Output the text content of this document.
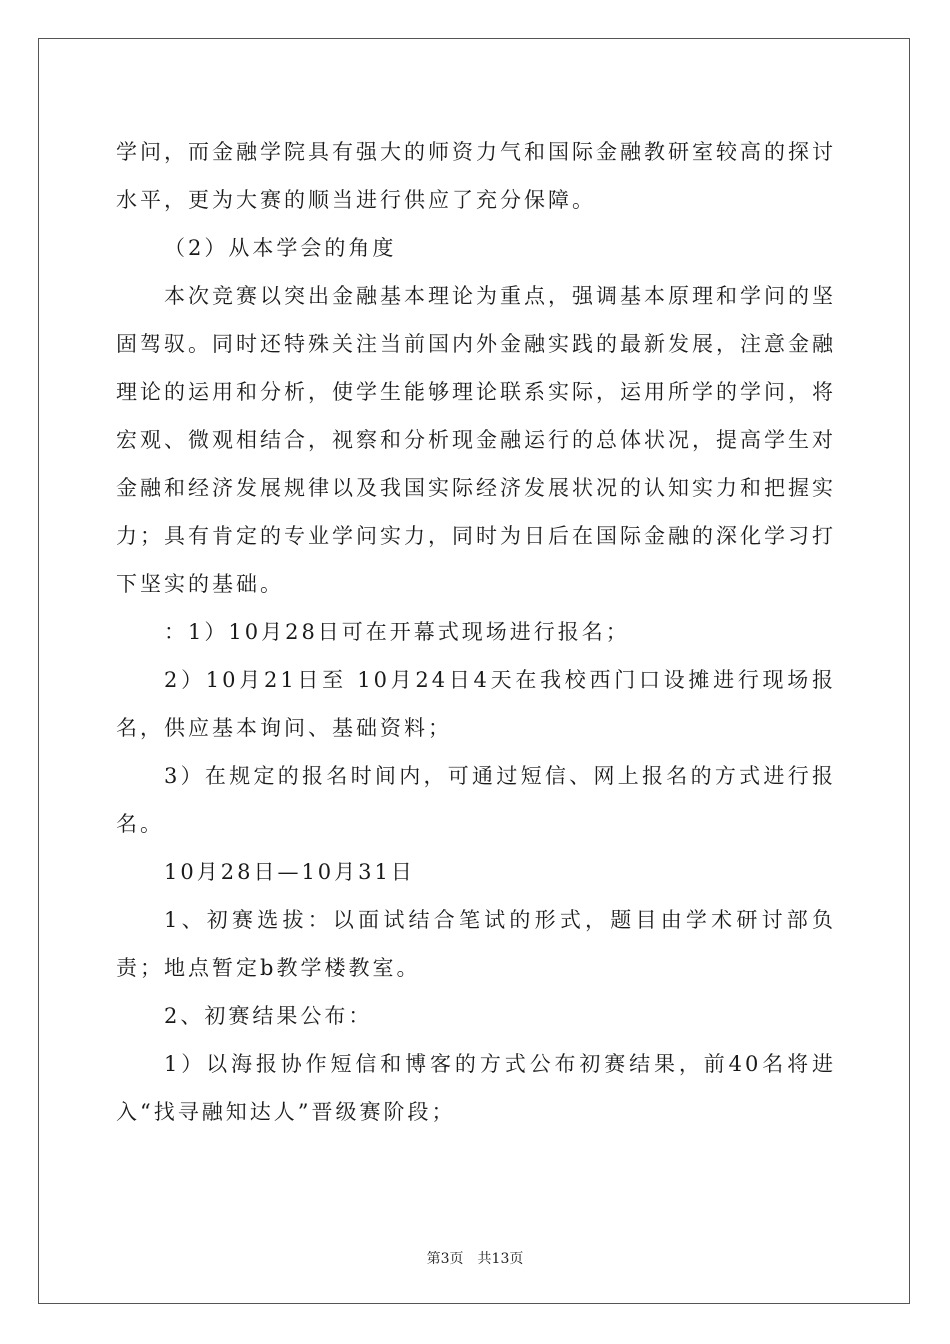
学问，而金融学院具有强大的师资力气和国际金融教研室较高的探讨水平，更为大赛的顺当进行供应了充分保障。

（2）从本学会的角度

本次竞赛以突出金融基本理论为重点，强调基本原理和学问的坚固驾驭。同时还特殊关注当前国内外金融实践的最新发展，注意金融理论的运用和分析，使学生能够理论联系实际，运用所学的学问，将宏观、微观相结合，视察和分析现金融运行的总体状况，提高学生对金融和经济发展规律以及我国实际经济发展状况的认知实力和把握实力；具有肯定的专业学问实力，同时为日后在国际金融的深化学习打下坚实的基础。

：1）10月28日可在开幕式现场进行报名；

2）10月21日至 10月24日4天在我校西门口设摊进行现场报名，供应基本询问、基础资料；

3）在规定的报名时间内，可通过短信、网上报名的方式进行报名。

10月28日—10月31日

1、初赛选拔：以面试结合笔试的形式，题目由学术研讨部负责；地点暂定b教学楼教室。

2、初赛结果公布：

1）以海报协作短信和博客的方式公布初赛结果，前40名将进入“找寻融知达人”晋级赛阶段；

第3页 共13页
